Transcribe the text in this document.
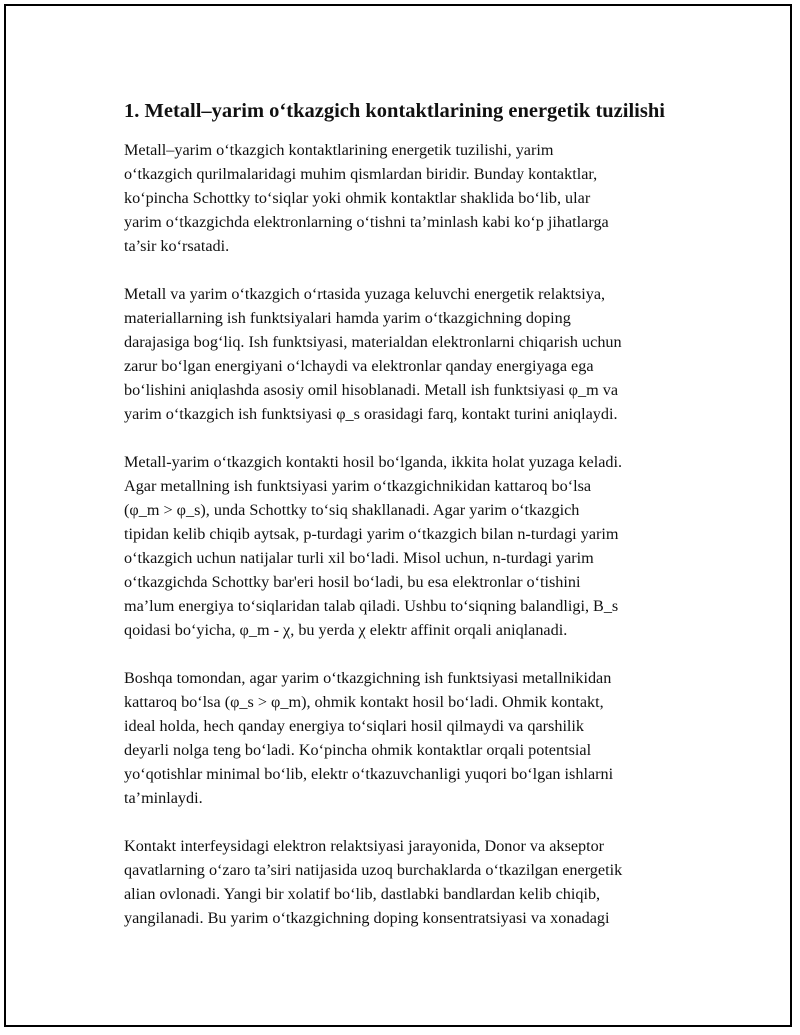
1. Metall–yarim o‘tkazgich kontaktlarining energetik tuzilishi
Metall–yarim o‘tkazgich kontaktlarining energetik tuzilishi, yarim
o‘tkazgich qurilmalaridagi muhim qismlardan biridir. Bunday kontaktlar,
ko‘pincha Schottky to‘siqlar yoki ohmik kontaktlar shaklida bo‘lib, ular
yarim o‘tkazgichda elektronlarning o‘tishni ta’minlash kabi ko‘p jihatlarga
ta’sir ko‘rsatadi.
Metall va yarim o‘tkazgich o‘rtasida yuzaga keluvchi energetik relaktsiya,
materiallarning ish funktsiyalari hamda yarim o‘tkazgichning doping
darajasiga bog‘liq. Ish funktsiyasi, materialdan elektronlarni chiqarish uchun
zarur bo‘lgan energiyani o‘lchaydi va elektronlar qanday energiyaga ega
bo‘lishini aniqlashda asosiy omil hisoblanadi. Metall ish funktsiyasi φ_m va
yarim o‘tkazgich ish funktsiyasi φ_s orasidagi farq, kontakt turini aniqlaydi.
Metall-yarim o‘tkazgich kontakti hosil bo‘lganda, ikkita holat yuzaga keladi.
Agar metallning ish funktsiyasi yarim o‘tkazgichnikidan kattaroq bo‘lsa
(φ_m > φ_s), unda Schottky to‘siq shakllanadi. Agar yarim o‘tkazgich
tipidan kelib chiqib aytsak, p-turdagi yarim o‘tkazgich bilan n-turdagi yarim
o‘tkazgich uchun natijalar turli xil bo‘ladi. Misol uchun, n-turdagi yarim
o‘tkazgichda Schottky bar'eri hosil bo‘ladi, bu esa elektronlar o‘tishini
ma’lum energiya to‘siqlaridan talab qiladi. Ushbu to‘siqning balandligi, B_s
qoidasi bo‘yicha, φ_m - χ, bu yerda χ elektr affinit orqali aniqlanadi.
Boshqa tomondan, agar yarim o‘tkazgichning ish funktsiyasi metallnikidan
kattaroq bo‘lsa (φ_s > φ_m), ohmik kontakt hosil bo‘ladi. Ohmik kontakt,
ideal holda, hech qanday energiya to‘siqlari hosil qilmaydi va qarshilik
deyarli nolga teng bo‘ladi. Ko‘pincha ohmik kontaktlar orqali potentsial
yo‘qotishlar minimal bo‘lib, elektr o‘tkazuvchanligi yuqori bo‘lgan ishlarni
ta’minlaydi.
Kontakt interfeysidagi elektron relaktsiyasi jarayonida, Donor va akseptor
qavatlarning o‘zaro ta’siri natijasida uzoq burchaklarda o‘tkazilgan energetik
alian ovlonadi. Yangi bir xolatif bo‘lib, dastlabki bandlardan kelib chiqib,
yangilanadi. Bu yarim o‘tkazgichning doping konsentratsiyasi va xonadagi
